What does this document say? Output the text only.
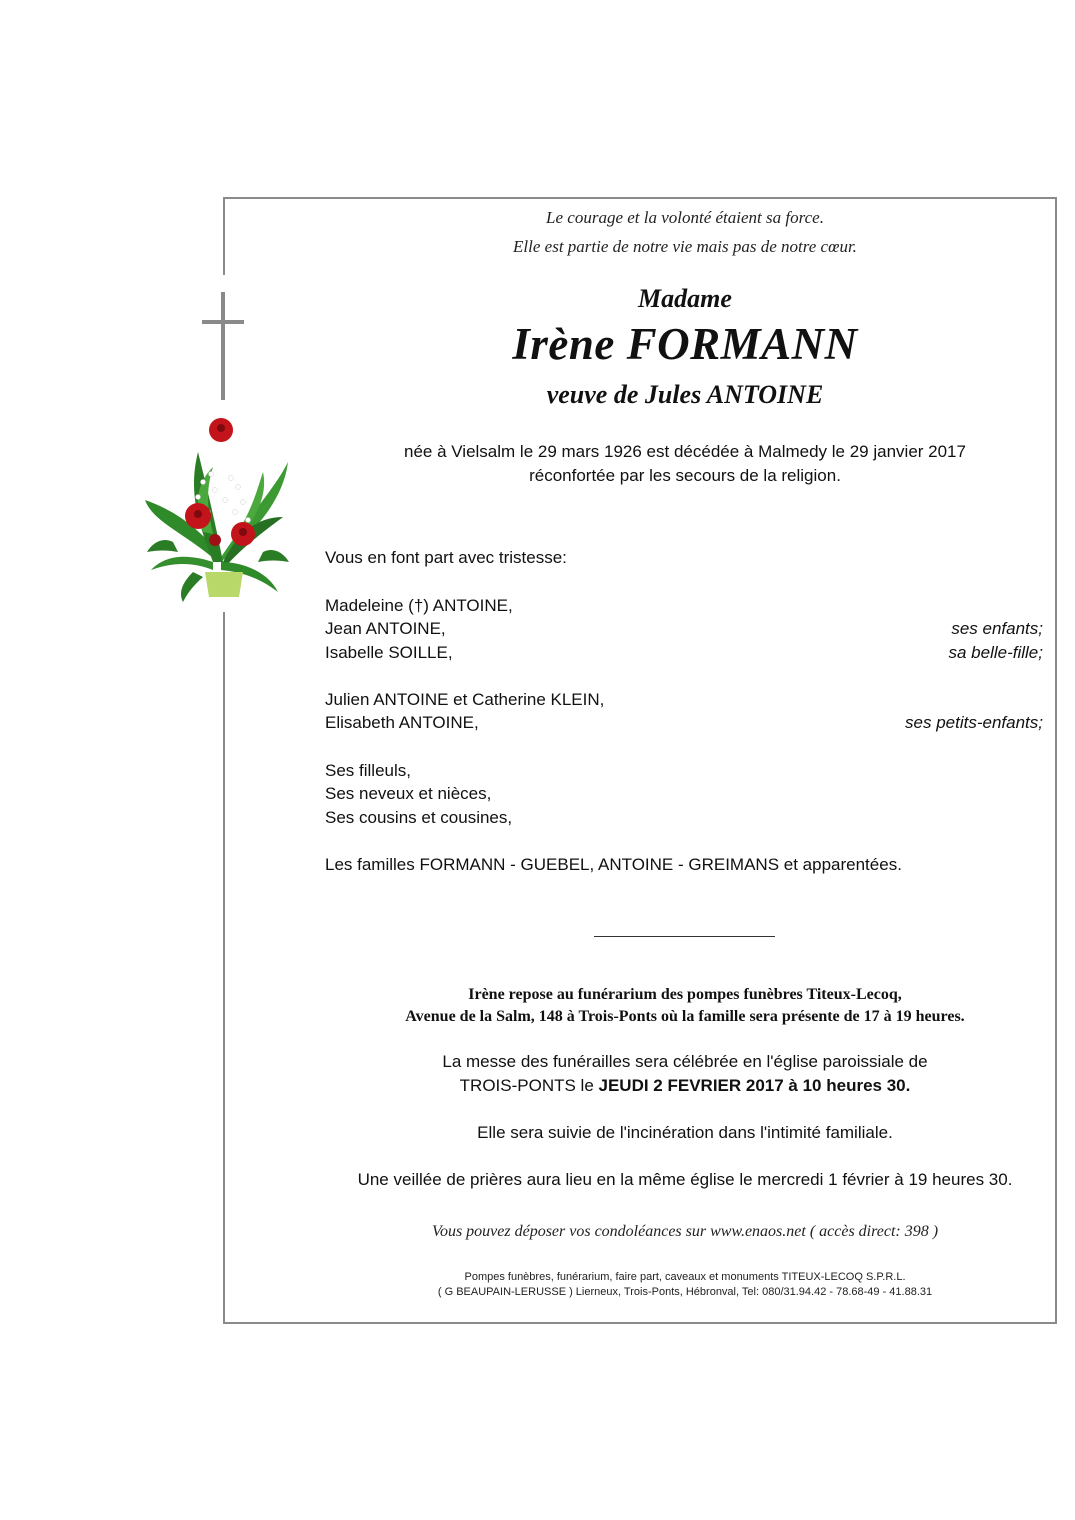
Le courage et la volonté étaient sa force.
Elle est partie de notre vie mais pas de notre cœur.
Madame
Irène FORMANN
veuve de Jules ANTOINE
née à Vielsalm le 29 mars 1926 est décédée à Malmedy le 29 janvier 2017
réconfortée par les secours de la religion.
Vous en font part avec tristesse:
Madeleine (†) ANTOINE,
Jean ANTOINE,	ses enfants;
Isabelle SOILLE,	sa belle-fille;
Julien ANTOINE et Catherine KLEIN,
Elisabeth ANTOINE,	ses petits-enfants;
Ses filleuls,
Ses neveux et nièces,
Ses cousins et cousines,
Les familles FORMANN - GUEBEL, ANTOINE - GREIMANS et apparentées.
Irène repose au funérarium des pompes funèbres Titeux-Lecoq,
Avenue de la Salm, 148 à Trois-Ponts où la famille sera présente de 17 à 19 heures.
La messe des funérailles sera célébrée en l'église paroissiale de
TROIS-PONTS le JEUDI 2 FEVRIER 2017 à 10 heures 30.
Elle sera suivie de l'incinération dans l'intimité familiale.
Une veillée de prières aura lieu en la même église le mercredi 1 février à 19 heures 30.
Vous pouvez déposer vos condoléances sur www.enaos.net ( accès direct: 398 )
Pompes funèbres, funérarium, faire part, caveaux et monuments TITEUX-LECOQ S.P.R.L.
( G BEAUPAIN-LERUSSE ) Lierneux, Trois-Ponts, Hébronval, Tel: 080/31.94.42 - 78.68-49 - 41.88.31
